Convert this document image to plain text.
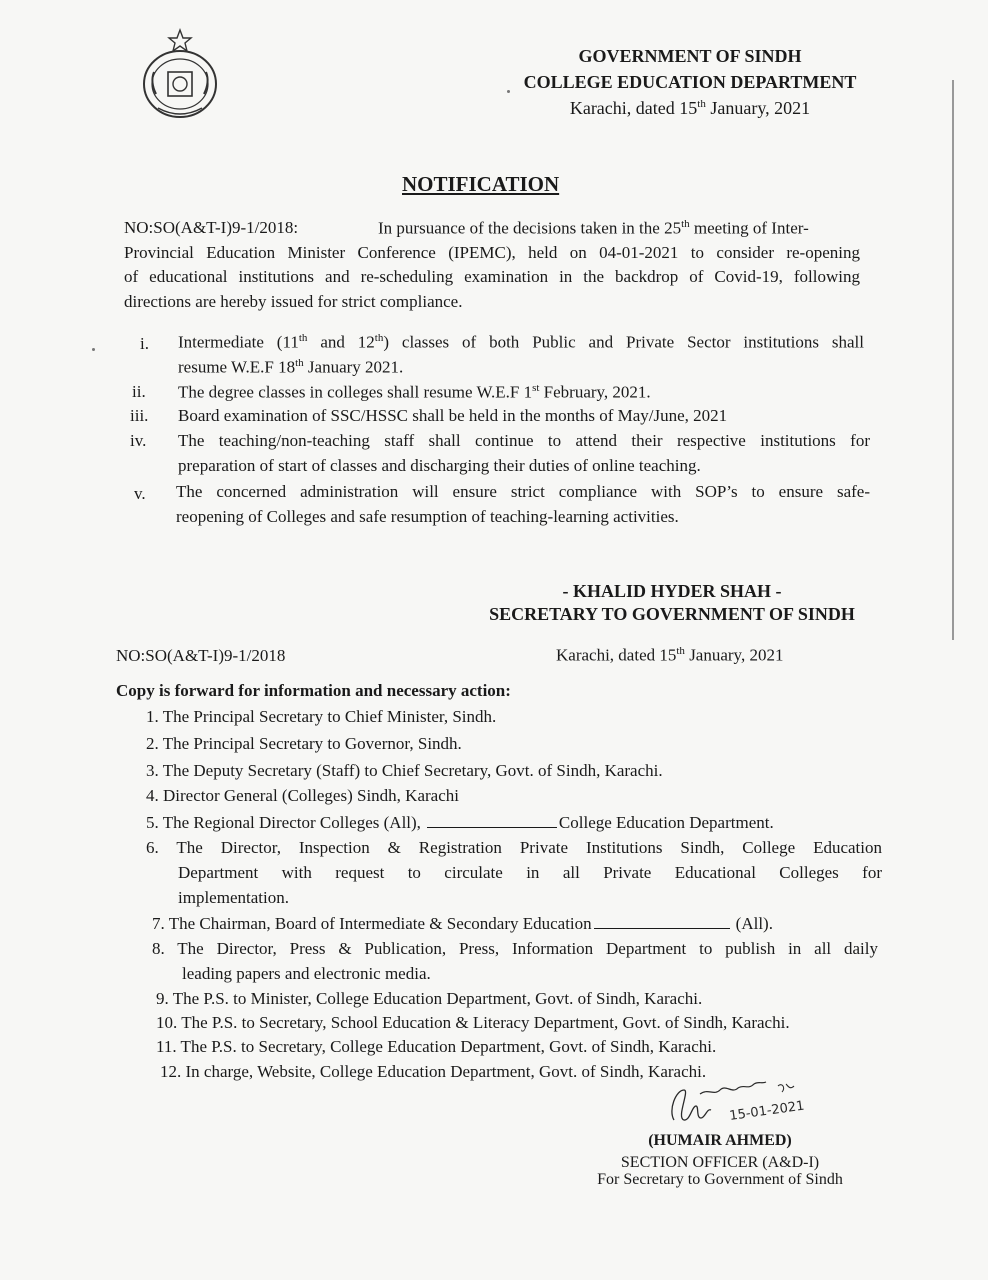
GOVERNMENT OF SINDH
COLLEGE EDUCATION DEPARTMENT
Karachi, dated 15th January, 2021
NOTIFICATION
NO:SO(A&T-I)9-1/2018:	In pursuance of the decisions taken in the 25th meeting of Inter-
Provincial Education Minister Conference (IPEMC), held on 04-01-2021 to consider re-opening
of educational institutions and re-scheduling examination in the backdrop of Covid-19, following
directions are hereby issued for strict compliance.
i.	Intermediate (11th and 12th) classes of both Public and Private Sector institutions shall
resume W.E.F 18th January 2021.
ii.	The degree classes in colleges shall resume W.E.F 1st February, 2021.
iii.	Board examination of SSC/HSSC shall be held in the months of May/June, 2021
iv.	The teaching/non-teaching staff shall continue to attend their respective institutions for
preparation of start of classes and discharging their duties of online teaching.
v.	The concerned administration will ensure strict compliance with SOP’s to ensure safe-
reopening of Colleges and safe resumption of teaching-learning activities.
- KHALID HYDER SHAH -
SECRETARY TO GOVERNMENT OF SINDH
NO:SO(A&T-I)9-1/2018	Karachi, dated 15th January, 2021
Copy is forward for information and necessary action:
1. The Principal Secretary to Chief Minister, Sindh.
2. The Principal Secretary to Governor, Sindh.
3. The Deputy Secretary (Staff) to Chief Secretary, Govt. of Sindh, Karachi.
4. Director General (Colleges) Sindh, Karachi
5. The Regional Director Colleges (All),	College Education Department.
6. The Director, Inspection & Registration Private Institutions Sindh, College Education
Department with request to circulate in all Private Educational Colleges for
implementation.
7. The Chairman, Board of Intermediate & Secondary Education	(All).
8. The Director, Press & Publication, Press, Information Department to publish in all daily
leading papers and electronic media.
9. The P.S. to Minister, College Education Department, Govt. of Sindh, Karachi.
10. The P.S. to Secretary, School Education & Literacy Department, Govt. of Sindh, Karachi.
11. The P.S. to Secretary, College Education Department, Govt. of Sindh, Karachi.
12. In charge, Website, College Education Department, Govt. of Sindh, Karachi.
15-01-2021
(HUMAIR AHMED)
SECTION OFFICER (A&D-I)
For Secretary to Government of Sindh
